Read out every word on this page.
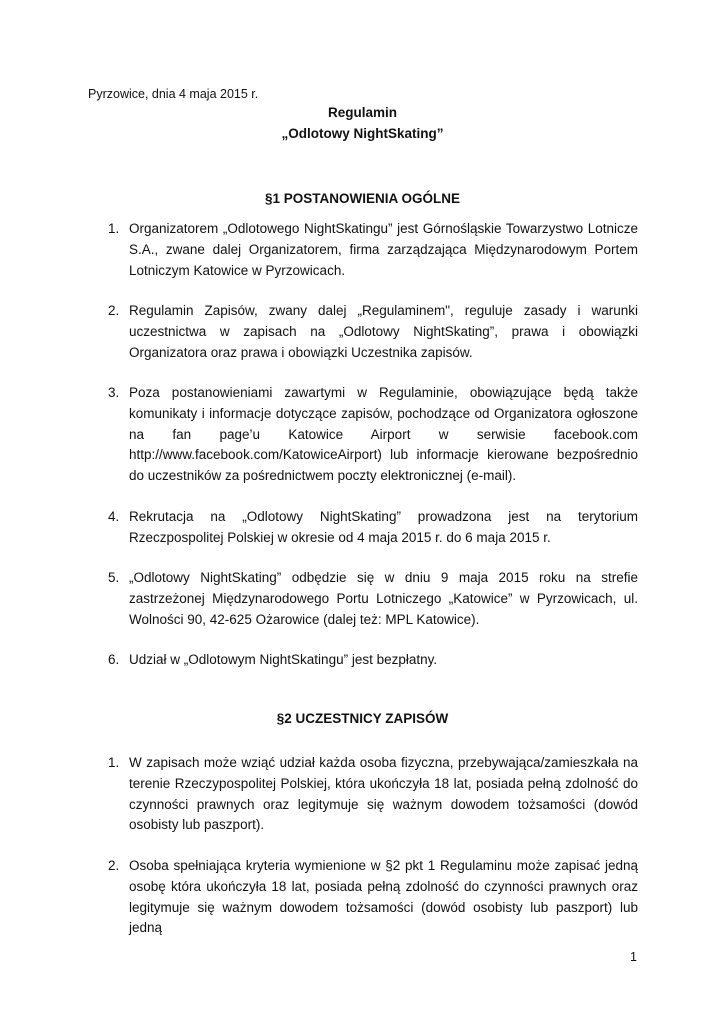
Pyrzowice, dnia 4 maja 2015 r.
Regulamin
„Odlotowy NightSkating”
§1 POSTANOWIENIA OGÓLNE
1. Organizatorem „Odlotowego NightSkatingu” jest Górnośląskie Towarzystwo Lotnicze S.A., zwane dalej Organizatorem, firma zarządzająca Międzynarodowym Portem Lotniczym Katowice w Pyrzowicach.
2. Regulamin Zapisów, zwany dalej „Regulaminem", reguluje zasady i warunki uczestnictwa w zapisach na „Odlotowy NightSkating”, prawa i obowiązki Organizatora oraz prawa i obowiązki Uczestnika zapisów.
3. Poza postanowieniami zawartymi w Regulaminie, obowiązujące będą także komunikaty i informacje dotyczące zapisów, pochodzące od Organizatora ogłoszone na fan page’u Katowice Airport w serwisie facebook.com http://www.facebook.com/KatowiceAirport) lub informacje kierowane bezpośrednio do uczestników za pośrednictwem poczty elektronicznej (e-mail).
4. Rekrutacja na „Odlotowy NightSkating” prowadzona jest na terytorium Rzeczpospolitej Polskiej w okresie od 4 maja 2015 r. do 6 maja 2015 r.
5. „Odlotowy NightSkating” odbędzie się w dniu 9 maja 2015 roku na strefie zastrzeżonej Międzynarodowego Portu Lotniczego „Katowice” w Pyrzowicach, ul. Wolności 90, 42-625 Ożarowice (dalej też: MPL Katowice).
6. Udział w „Odlotowym NightSkatingu” jest bezpłatny.
§2 UCZESTNICY ZAPISÓW
1. W zapisach może wziąć udział każda osoba fizyczna, przebywająca/zamieszkała na terenie Rzeczypospolitej Polskiej, która ukończyła 18 lat, posiada pełną zdolność do czynności prawnych oraz legitymuje się ważnym dowodem tożsamości (dowód osobisty lub paszport).
2. Osoba spełniająca kryteria wymienione w §2 pkt 1 Regulaminu może zapisać jedną osobę która ukończyła 18 lat, posiada pełną zdolność do czynności prawnych oraz legitymuje się ważnym dowodem tożsamości (dowód osobisty lub paszport) lub jedną
1
